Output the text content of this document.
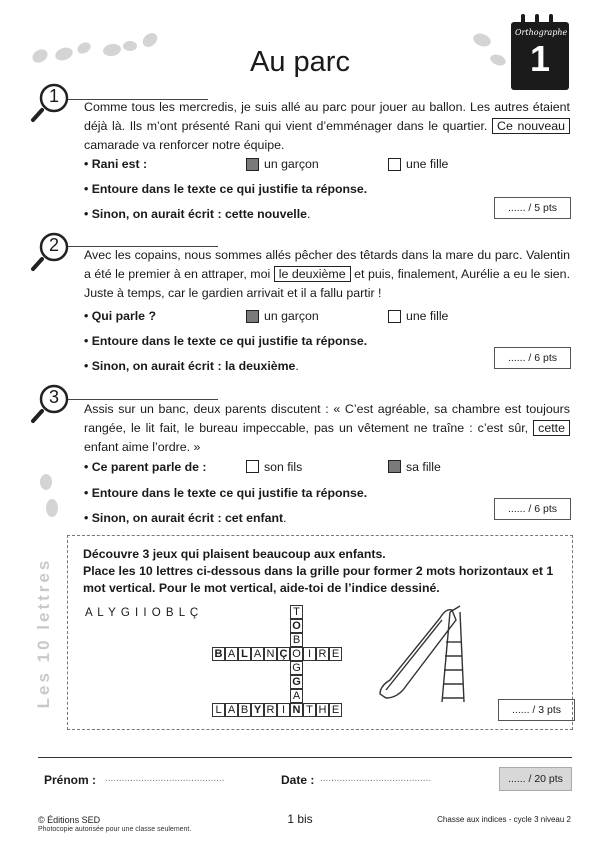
Au parc
Orthographe
1
1
Comme tous les mercredis, je suis allé au parc pour jouer au ballon. Les autres étaient déjà là. Ils m’ont présenté Rani qui vient d’emménager dans le quartier. Ce nouveau camarade va renforcer notre équipe.
• Rani est :	un garçon	une fille
• Entoure dans le texte ce qui justifie ta réponse.
• Sinon, on aurait écrit : cette nouvelle.	...... / 5 pts
2	Avec les copains, nous sommes allés pêcher des têtards dans la mare du parc. Valentin a été le premier à en attraper, moi le deuxième et puis, finalement, Aurélie a eu le sien. Juste à temps, car le gardien arrivait et il a fallu partir !
• Qui parle ?	un garçon	une fille
• Entoure dans le texte ce qui justifie ta réponse.
• Sinon, on aurait écrit : la deuxième.
...... / 6 pts
3
Assis sur un banc, deux parents discutent : « C’est agréable, sa chambre est toujours rangée, le lit fait, le bureau impeccable, pas un vêtement ne traîne : c’est sûr, cette enfant aime l’ordre. »
• Ce parent parle de :	son fils	sa fille
• Entoure dans le texte ce qui justifie ta réponse.
• Sinon, on aurait écrit : cet enfant.
...... / 6 pts
Les 10 lettres
Découvre 3 jeux qui plaisent beaucoup aux enfants.
Place les 10 lettres ci-dessous dans la grille pour former 2 mots horizontaux et 1 mot vertical. Pour le mot vertical, aide-toi de l’indice dessiné.
A L Y G I I O B L Ç	T
O
B
G
G
A
B A L A N Ç O I R E
L A B Y R I N T H E	...... / 3 pts
Prénom : ...........................................	Date : ........................................	...... / 20 pts
© Éditions SED
Photocopie autorisée pour une classe seulement.
1 bis	Chasse aux indices - cycle 3 niveau 2
